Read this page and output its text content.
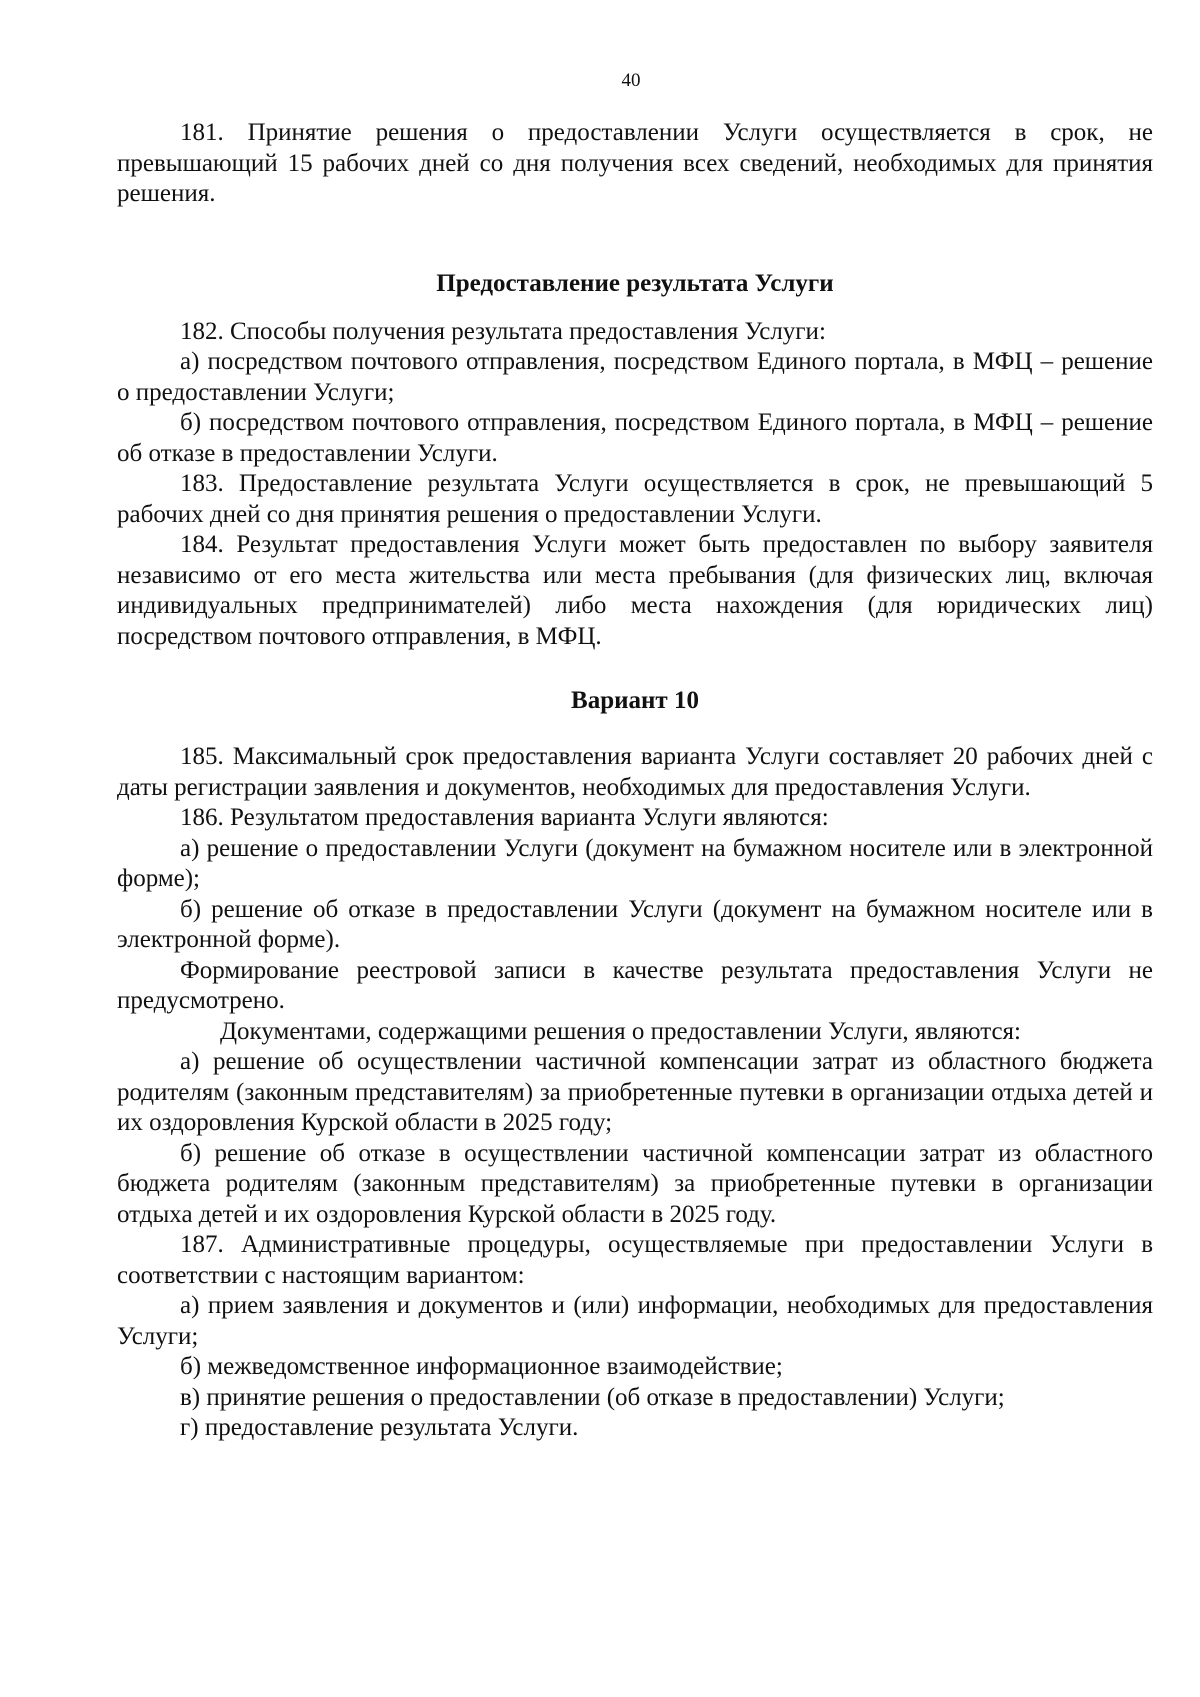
40

181. Принятие решения о предоставлении Услуги осуществляется в срок, не превышающий 15 рабочих дней со дня получения всех сведений, необходимых для принятия решения.

Предоставление результата Услуги

182. Способы получения результата предоставления Услуги:

а) посредством почтового отправления, посредством Единого портала, в МФЦ – решение о предоставлении Услуги;

б) посредством почтового отправления, посредством Единого портала, в МФЦ – решение об отказе в предоставлении Услуги.

183. Предоставление результата Услуги осуществляется в срок, не превышающий 5 рабочих дней со дня принятия решения о предоставлении Услуги.

184. Результат предоставления Услуги может быть предоставлен по выбору заявителя независимо от его места жительства или места пребывания (для физических лиц, включая индивидуальных предпринимателей) либо места нахождения (для юридических лиц) посредством почтового отправления, в МФЦ.

Вариант 10

185. Максимальный срок предоставления варианта Услуги составляет 20 рабочих дней с даты регистрации заявления и документов, необходимых для предоставления Услуги.

186. Результатом предоставления варианта Услуги являются:

а) решение о предоставлении Услуги (документ на бумажном носителе или в электронной форме);

б) решение об отказе в предоставлении Услуги (документ на бумажном носителе или в электронной форме).

Формирование реестровой записи в качестве результата предоставления Услуги не предусмотрено.

Документами, содержащими решения о предоставлении Услуги, являются:

а) решение об осуществлении частичной компенсации затрат из областного бюджета родителям (законным представителям) за приобретенные путевки в организации отдыха детей и их оздоровления Курской области в 2025 году;

б) решение об отказе в осуществлении частичной компенсации затрат из областного бюджета родителям (законным представителям) за приобретенные путевки в организации отдыха детей и их оздоровления Курской области в 2025 году.

187. Административные процедуры, осуществляемые при предоставлении Услуги в соответствии с настоящим вариантом:

а) прием заявления и документов и (или) информации, необходимых для предоставления Услуги;

б) межведомственное информационное взаимодействие;

в) принятие решения о предоставлении (об отказе в предоставлении) Услуги;

г) предоставление результата Услуги.
